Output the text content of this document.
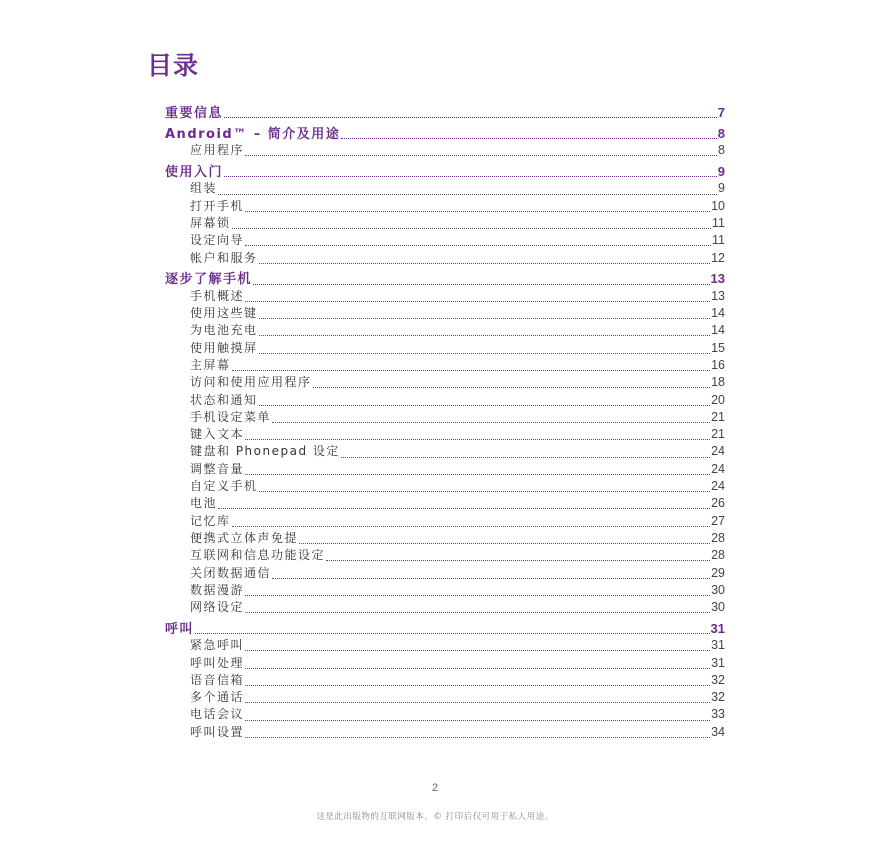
目录
重要信息	7
Android™ – 简介及用途	8
应用程序	8
使用入门	9
组装	9
打开手机	10
屏幕锁	11
设定向导	11
帐户和服务	12
逐步了解手机	13
手机概述	13
使用这些键	14
为电池充电	14
使用触摸屏	15
主屏幕	16
访问和使用应用程序	18
状态和通知	20
手机设定菜单	21
键入文本	21
键盘和 Phonepad 设定	24
调整音量	24
自定义手机	24
电池	26
记忆库	27
便携式立体声免提	28
互联网和信息功能设定	28
关闭数据通信	29
数据漫游	30
网络设定	30
呼叫	31
紧急呼叫	31
呼叫处理	31
语音信箱	32
多个通话	32
电话会议	33
呼叫设置	34
2
这是此出版物的互联网版本。© 打印后仅可用于私人用途。
